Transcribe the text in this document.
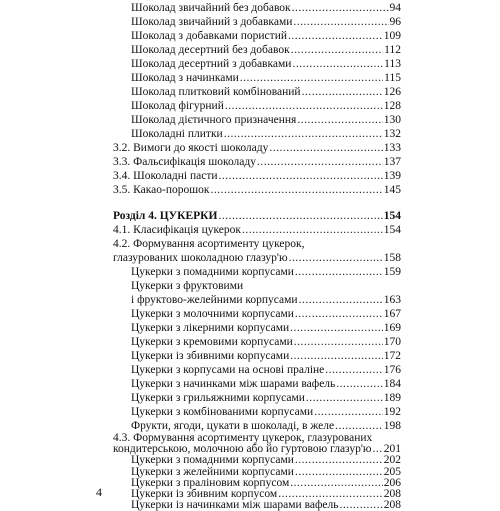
Шоколад звичайний без добавок .....	94
Шоколад звичайний з добавками .....	96
Шоколад з добавками пористий .....	109
Шоколад десертний без добавок .....	112
Шоколад десертний з добавками .....	113
Шоколад з начинками .....	115
Шоколад плитковий комбінований .....	126
Шоколад фігурний .....	128
Шоколад дієтичного призначення .....	130
Шоколадні плитки .....	132
3.2. Вимоги до якості шоколаду .....	133
3.3. Фальсифікація шоколаду .....	137
3.4. Шоколадні пасти .....	139
3.5. Какао-порошок .....	145
Розділ 4. ЦУКЕРКИ .....	154
4.1. Класифікація цукерок .....	154
4.2. Формування асортименту цукерок,
глазурованих шоколадною глазур'ю .....	158
Цукерки з помадними корпусами .....	159
Цукерки з фруктовими
і фруктово-желейними корпусами .....	163
Цукерки з молочними корпусами .....	167
Цукерки з лікерними корпусами .....	169
Цукерки з кремовими корпусами .....	170
Цукерки із збивними корпусами .....	172
Цукерки з корпусами на основі праліне .....	176
Цукерки з начинками між шарами вафель .....	184
Цукерки з грильяжними корпусами .....	189
Цукерки з комбінованими корпусами .....	192
Фрукти, ягоди, цукати в шоколаді, в желе .....	198
4.3. Формування асортименту цукерок, глазурованих
кондитерською, молочною або йо гуртовою глазур'ю ..... 201
Цукерки з помадними корпусами .....	202
Цукерки з желейними корпусами .....	205
Цукерки з праліновим корпусом .....	206
Цукерки із збивним корпусом .....	208
Цукерки із начинками між шарами вафель .....	208
4
